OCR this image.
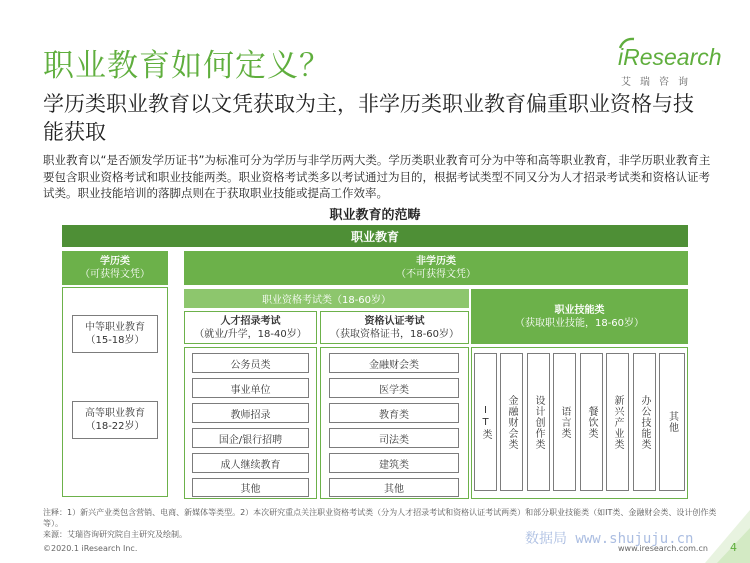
职业教育如何定义？	iResearch
艾瑞咨询
学历类职业教育以文凭获取为主，非学历类职业教育偏重职业资格与技能获取
职业教育以“是否颁发学历证书”为标准可分为学历与非学历两大类。学历类职业教育可分为中等和高等职业教育，非学历职业教育主要包含职业资格考试和职业技能两类。职业资格考试类多以考试通过为目的，根据考试类型不同又分为人才招录考试类和资格认证考试类。职业技能培训的落脚点则在于获取职业技能或提高工作效率。
职业教育的范畴
职业教育
学历类
（可获得文凭）
中等职业教育
（15-18岁）
高等职业教育
（18-22岁）
非学历类
（不可获得文凭）
职业资格考试类（18-60岁）
人才招录考试
（就业/升学，18-40岁）
资格认证考试
（获取资格证书，18-60岁）
公务员类
事业单位
教师招录
国企/银行招聘
成人继续教育
其他
金融财会类
医学类
教育类
司法类
建筑类
其他
职业技能类
（获取职业技能，18-60岁）
IT类	金融财会类	设计创作类	语言类	餐饮类	新兴产业类	办公技能类	其他
注释：1）新兴产业类包含营销、电商、新媒体等类型。2）本次研究重点关注职业资格考试类（分为人才招录考试和资格认证考试两类）和部分职业技能类（如IT类、金融财会类、设计创作类等）。
来源：艾瑞咨询研究院自主研究及绘制。	数据局 www.shujuju.cn
©2020.1 iResearch Inc.	www.iresearch.com.cn 4
